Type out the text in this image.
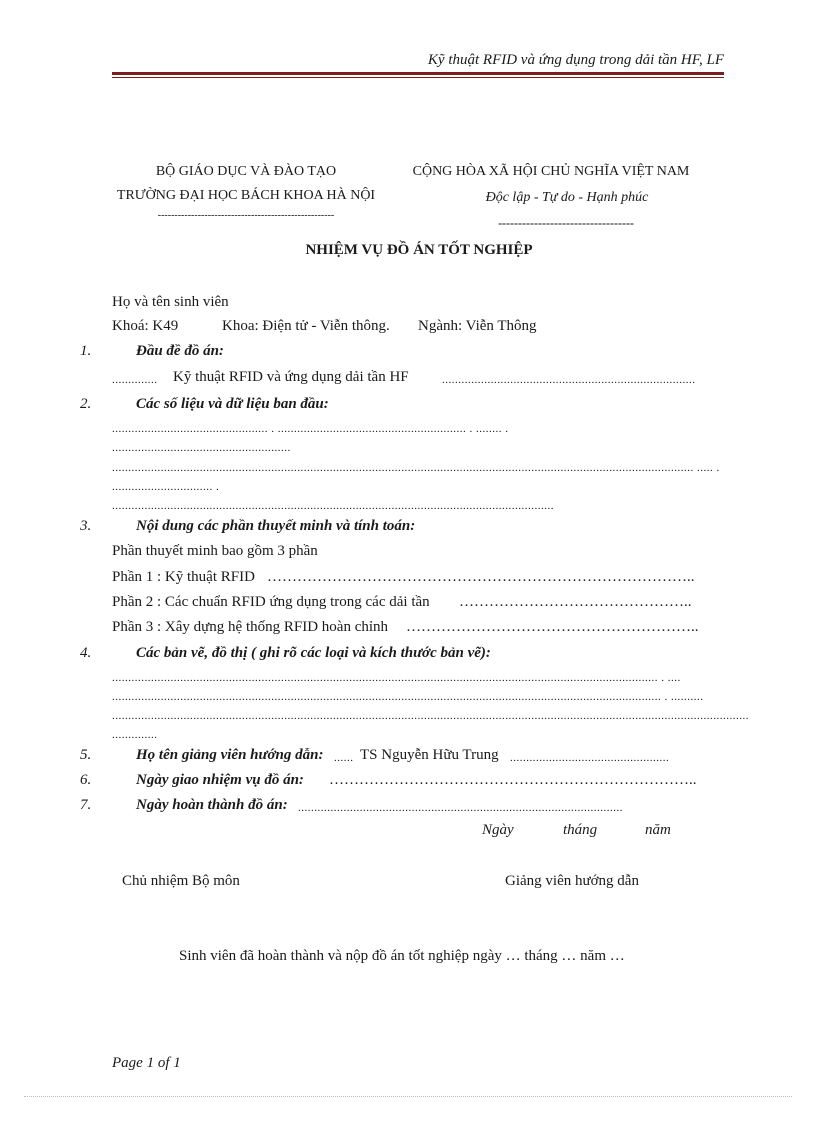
Kỹ thuật RFID và ứng dụng trong dải tần HF, LF
BỘ GIÁO DỤC VÀ ĐÀO TẠO
TRƯỜNG ĐẠI HỌC BÁCH KHOA HÀ NỘI
-----------------------------------------------------
CỘNG HÒA XÃ HỘI CHỦ NGHĨA VIỆT NAM
Độc lập - Tự do - Hạnh phúc
----------------------------------
NHIỆM VỤ ĐỒ ÁN TỐT NGHIỆP
Họ và tên sinh viên
Khoá: K49	Khoa: Điện tử - Viễn thông. Ngành: Viễn Thông
1.	Đầu đề đồ án:
.............. Kỹ thuật RFID và ứng dụng dải tần HF	..............................................................................
2.	Các số liệu và dữ liệu ban đầu:
................................................ . .......................................................... . ........ .
.......................................................
................................................................................................................................................................................... ..... .
............................... .
........................................................................................................................................
3.	Nội dung các phần thuyết minh và tính toán:
Phần thuyết minh bao gồm 3 phần
Phần 1 : Kỹ thuật RFID …………………………………………………………………………..
Phần 2 : Các chuẩn RFID ứng dụng trong các dải tần ………………………………………..
Phần 3 : Xây dựng hệ thống RFID hoàn chỉnh …………………………………………………..
4.	Các bản vẽ, đồ thị ( ghi rõ các loại và kích thước bản vẽ):
........................................................................................................................................................................ . ....
......................................................................................................................................................................... . ..........
....................................................................................................................................................................................................
..............
5.	Họ tên giảng viên hướng dẫn: ...... TS Nguyễn Hữu Trung .................................................
6.	Ngày giao nhiệm vụ đồ án: ………………………………………………………………..
7.	Ngày hoàn thành đồ án: ....................................................................................................
Ngày	tháng	năm
Chủ nhiệm Bộ môn	Giảng viên hướng dẫn
Sinh viên đã hoàn thành và nộp đồ án tốt nghiệp ngày … tháng … năm …
Page 1 of 1
